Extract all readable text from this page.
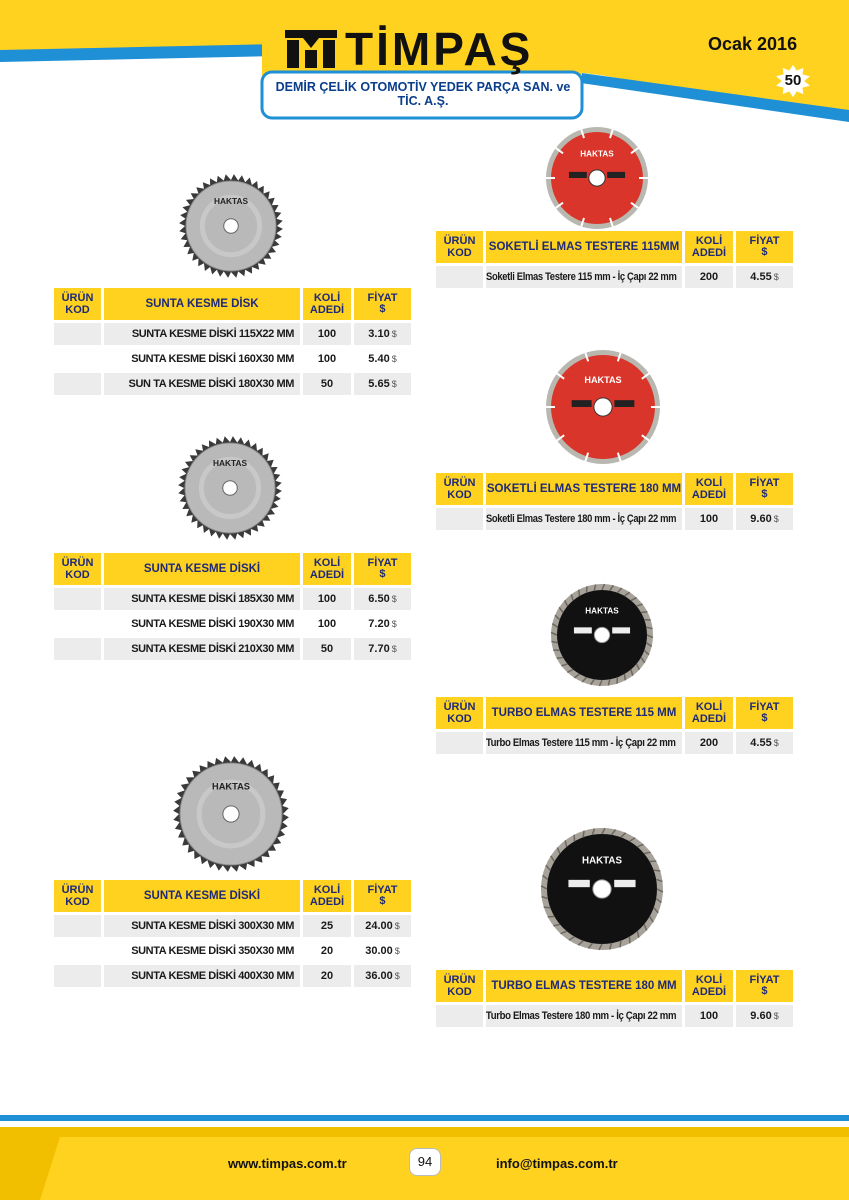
TİMPAŞ
DEMİR ÇELİK OTOMOTİV YEDEK PARÇA SAN. ve TİC. A.Ş.
Ocak 2016
50
HAKTAS
HAKTAS
HAKTAS
HAKTAS
HAKTAS
HAKTAS
HAKTAS
ÜRÜN KOD	SUNTA KESME DİSK	KOLİ ADEDİ
FİYAT
$
SUNTA KESME DİSKİ 115X22 MM	100	3.10 $
SUNTA KESME DİSKİ 160X30 MM	100	5.40 $
SUN TA KESME DİSKİ 180X30 MM	50	5.65 $
ÜRÜN KOD	SUNTA KESME DİSKİ	KOLİ ADEDİ
FİYAT
$
SUNTA KESME DİSKİ 185X30 MM	100	6.50 $
SUNTA KESME DİSKİ 190X30 MM	100	7.20 $
SUNTA KESME DİSKİ 210X30 MM	50	7.70 $
ÜRÜN KOD	SUNTA KESME DİSKİ	KOLİ ADEDİ
FİYAT
$
SUNTA KESME DİSKİ 300X30 MM	25	24.00 $
SUNTA KESME DİSKİ 350X30 MM	20	30.00 $
SUNTA KESME DİSKİ 400X30 MM	20	36.00 $
ÜRÜN KOD	SOKETLİ ELMAS TESTERE 115MM	KOLİ ADEDİ
FİYAT
$
Soketli Elmas Testere 115 mm - İç Çapı 22 mm	200	4.55 $
ÜRÜN KOD	SOKETLİ ELMAS TESTERE 180 MM	KOLİ ADEDİ
FİYAT
$
Soketli Elmas Testere 180 mm - İç Çapı 22 mm	100	9.60 $
ÜRÜN KOD	TURBO ELMAS TESTERE 115 MM	KOLİ ADEDİ
FİYAT
$
Turbo Elmas Testere 115 mm - İç Çapı 22 mm	200	4.55 $
ÜRÜN KOD	TURBO ELMAS TESTERE 180 MM	KOLİ ADEDİ
FİYAT
$
Turbo Elmas Testere 180 mm - İç Çapı 22 mm	100	9.60 $
www.timpas.com.tr	94	info@timpas.com.tr
